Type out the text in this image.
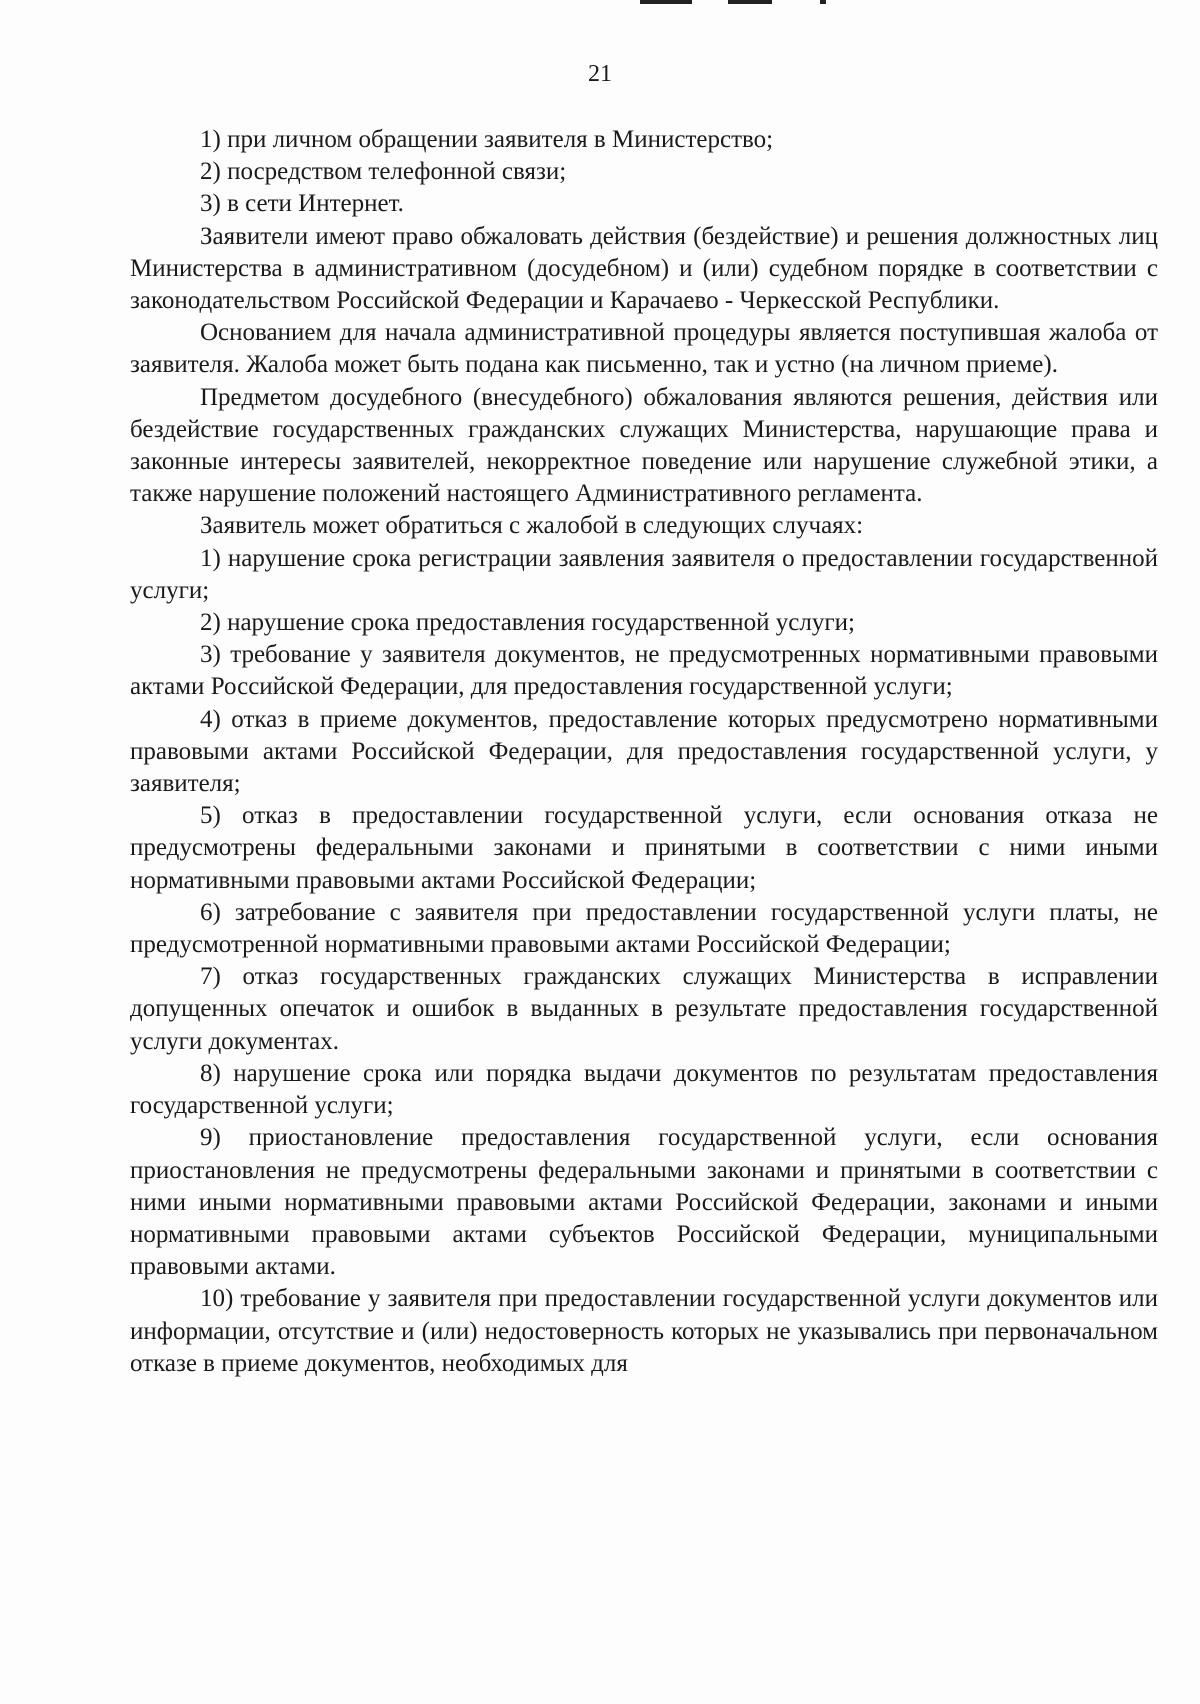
21

1) при личном обращении заявителя в Министерство;

2) посредством телефонной связи;

3) в сети Интернет.

Заявители имеют право обжаловать действия (бездействие) и решения должностных лиц Министерства в административном (досудебном) и (или) судебном порядке в соответствии с законодательством Российской Федерации и Карачаево - Черкесской Республики.

Основанием для начала административной процедуры является поступившая жалоба от заявителя. Жалоба может быть подана как письменно, так и устно (на личном приеме).

Предметом досудебного (внесудебного) обжалования являются решения, действия или бездействие государственных гражданских служащих Министерства, нарушающие права и законные интересы заявителей, некорректное поведение или нарушение служебной этики, а также нарушение положений настоящего Административного регламента.

Заявитель может обратиться с жалобой в следующих случаях:

1) нарушение срока регистрации заявления заявителя о предоставлении государственной услуги;

2) нарушение срока предоставления государственной услуги;

3) требование у заявителя документов, не предусмотренных нормативными правовыми актами Российской Федерации, для предоставления государственной услуги;

4) отказ в приеме документов, предоставление которых предусмотрено нормативными правовыми актами Российской Федерации, для предоставления государственной услуги, у заявителя;

5) отказ в предоставлении государственной услуги, если основания отказа не предусмотрены федеральными законами и принятыми в соответствии с ними иными нормативными правовыми актами Российской Федерации;

6) затребование с заявителя при предоставлении государственной услуги платы, не предусмотренной нормативными правовыми актами Российской Федерации;

7) отказ государственных гражданских служащих Министерства в исправлении допущенных опечаток и ошибок в выданных в результате предоставления государственной услуги документах.

8) нарушение срока или порядка выдачи документов по результатам предоставления государственной услуги;

9) приостановление предоставления государственной услуги, если основания приостановления не предусмотрены федеральными законами и принятыми в соответствии с ними иными нормативными правовыми актами Российской Федерации, законами и иными нормативными правовыми актами субъектов Российской Федерации, муниципальными правовыми актами.

10) требование у заявителя при предоставлении государственной услуги документов или информации, отсутствие и (или) недостоверность которых не указывались при первоначальном отказе в приеме документов, необходимых для
